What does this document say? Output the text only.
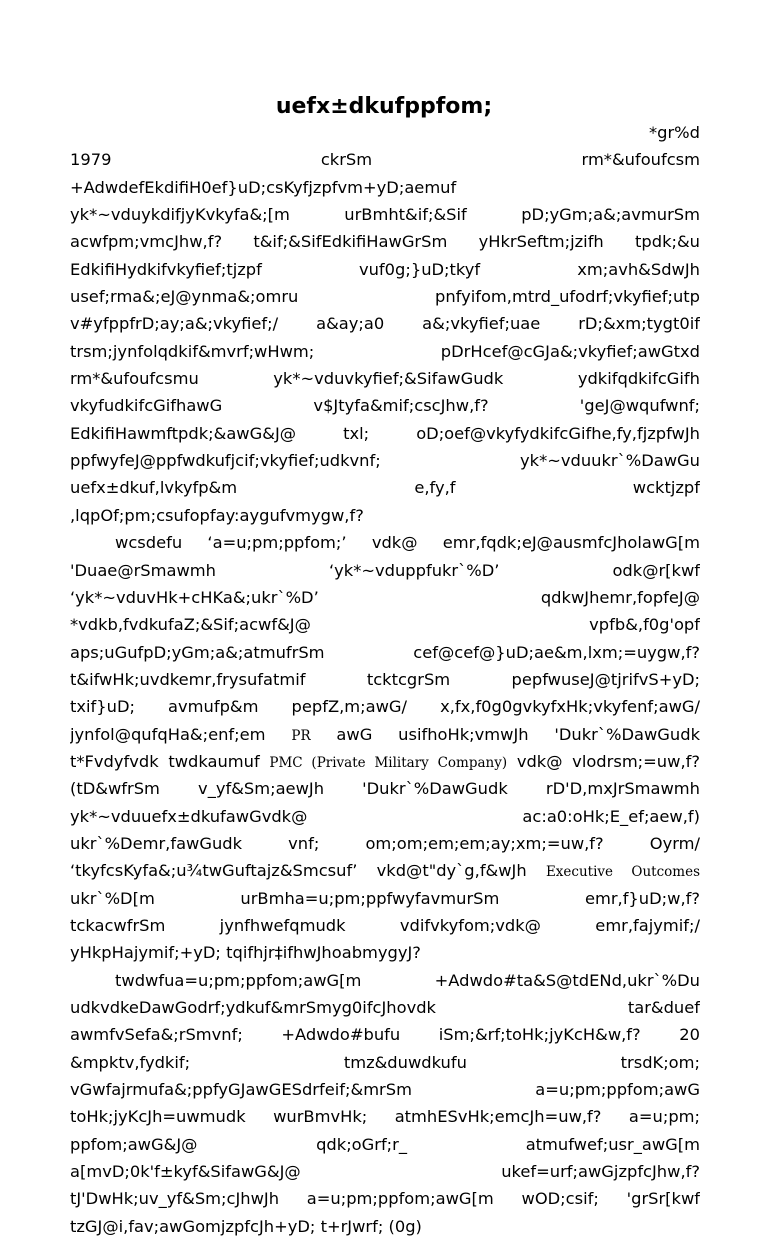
uefx±dkufppfom;
*gr%d
1979 ckrSm rm*&ufoufcsm
+AdwdefEkdifiH0ef}uD;csKyfjzpfvm+yD;aemuf
yk*~vduykdifjyKvkyfa&;[m urBmht&if;&Sif pD;yGm;a&;avmurSm
acwfpm;vmcJhw,f? t&if;&SifEdkifiHawGrSm yHkrSeftm;jzifh tpdk;&u
EdkifiHydkifvkyfief;tjzpf vuf0g;}uD;tkyf xm;avh&SdwJh
usef;rma&;eJ@ynma&;omru pnfyifom,mtrd_ufodrf;vkyfief;utp
v#yfppfrD;ay;a&;vkyfief;/ a&ay;a0 a&;vkyfief;uae rD;&xm;tygt0if
trsm;jynfolqdkif&mvrf;wHwm; pDrHcef@cGJa&;vkyfief;awGtxd
rm*&ufoufcsmu yk*~vduvkyfief;&SifawGudk ydkifqdkifcGifh
vkyfudkifcGifhawG v$Jtyfa&mif;cscJhw,f? 'geJ@wqufwnf;
EdkifiHawmftpdk;&awG&J@ txl; oD;oef@vkyfydkifcGifhe,fy,fjzpfwJh
ppfwyfeJ@ppfwdkufjcif;vkyfief;udkvnf; yk*~vduukr`%DawGu
uefx±dkuf,lvkyfp&m e,fy,f wcktjzpf
,lqpOf;pm;csufopfay:aygufvmygw,f?
wcsdefu ‘a=u;pm;ppfom;’ vdk@ emr,fqdk;eJ@ausmfcJholawG[m
'Duae@rSmawmh ‘yk*~vduppfukr`%D’ odk@r[kwf
‘yk*~vduvHk+cHKa&;ukr`%D’ qdkwJhemr,fopfeJ@
*vdkb,fvdkufaZ;&Sif;acwf&J@ vpfb&,f0g'opf
aps;uGufpD;yGm;a&;atmufrSm cef@cef@}uD;ae&m,lxm;=uygw,f?
t&ifwHk;uvdkemr,frysufatmif tcktcgrSm pepfwuseJ@tjrifvS+yD;
txif}uD; avmufp&m pepfZ,m;awG/ x,fx,f0g0gvkyfxHk;vkyfenf;awG/
jynfol@qufqHa&;enf;em PR awG usifhoHk;vmwJh 'Dukr`%DawGudk
t*Fvdyfvdk twdkaumuf PMC (Private Military Company) vdk@ vlodrsm;=uw,f?
(tD&wfrSm v_yf&Sm;aewJh 'Dukr`%DawGudk rD'D,mxJrSmawmh
yk*~vduuefx±dkufawGvdk@ ac:a0:oHk;E_ef;aew,f)
ukr`%Demr,fawGudk vnf; om;om;em;em;ay;xm;=uw,f? Oyrm/
‘tkyfcsKyfa&;u¾twGuftajz&Smcsuf’ vkd@t"dy`g,f&wJh Executive Outcomes
ukr`%D[m urBmha=u;pm;ppfwyfavmurSm emr,f}uD;w,f?
tckacwfrSm jynfhwefqmudk vdifvkyfom;vdk@ emr,fajymif;/
yHkpHajymif;+yD; tqifhjr‡ifhwJhoabmygyJ?
twdwfua=u;pm;ppfom;awG[m +Adwdo#ta&S@tdENd,ukr`%Du
udkvdkeDawGodrf;ydkuf&mrSmyg0ifcJhovdk tar&duef
awmfvSefa&;rSmvnf; +Adwdo#bufu iSm;&rf;toHk;jyKcH&w,f? 20
&mpktv,fydkif; tmz&duwdkufu trsdK;om;
vGwfajrmufa&;ppfyGJawGESdrfeif;&mrSm a=u;pm;ppfom;awG
toHk;jyKcJh=uwmudk wurBmvHk; atmhESvHk;emcJh=uw,f? a=u;pm;
ppfom;awG&J@ qdk;oGrf;r_ atmufwef;usr_awG[m
a[mvD;0k'f±kyf&SifawG&J@ ukef=urf;awGjzpfcJhw,f?
tJ'DwHk;uv_yf&Sm;cJhwJh a=u;pm;ppfom;awG[m wOD;csif; 'grSr[kwf
tzGJ@i,fav;awGomjzpfcJh+yD; t+rJwrf; (0g)
